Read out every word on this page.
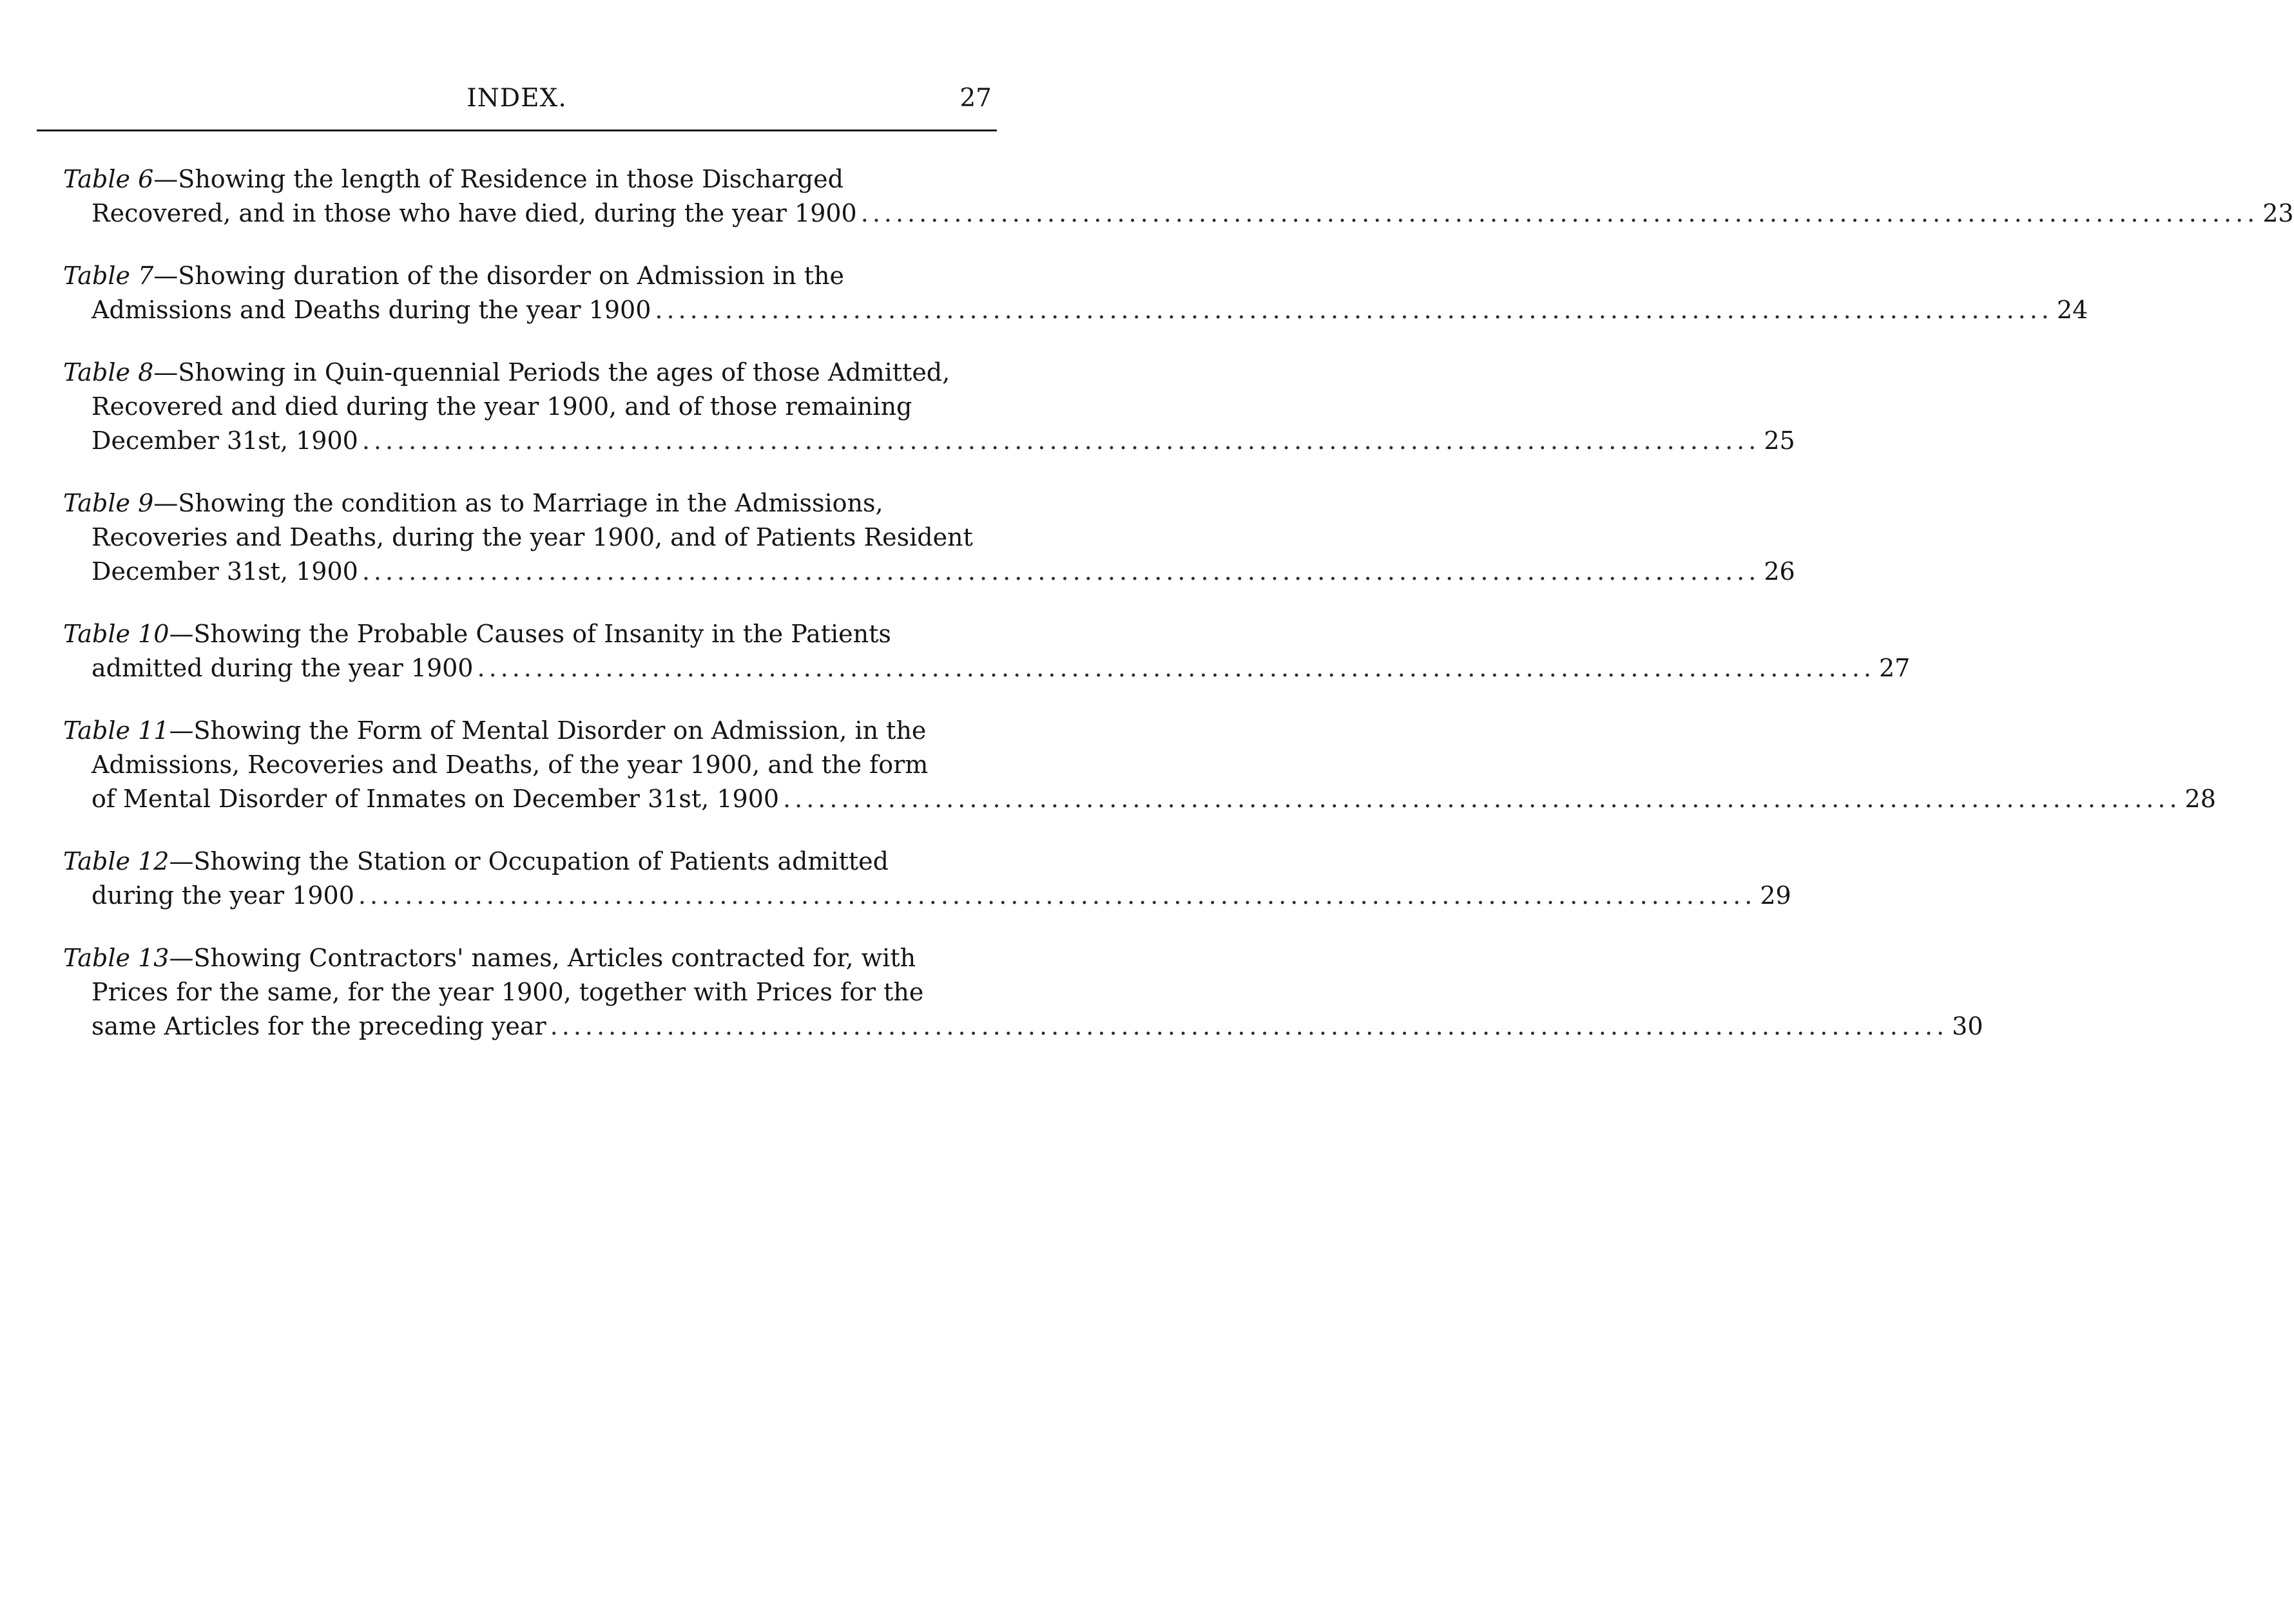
INDEX.	27
Table 6—Showing the length of Residence in those Discharged
Recovered, and in those who have died, during the year 1900 ........................................................................................................................ 23
Table 7—Showing duration of the disorder on Admission in the
Admissions and Deaths during the year 1900 ........................................................................................................................ 24
Table 8—Showing in Quin-quennial Periods the ages of those Admitted,
Recovered and died during the year 1900, and of those remaining
December 31st, 1900 ........................................................................................................................ 25
Table 9—Showing the condition as to Marriage in the Admissions,
Recoveries and Deaths, during the year 1900, and of Patients Resident
December 31st, 1900 ........................................................................................................................ 26
Table 10—Showing the Probable Causes of Insanity in the Patients
admitted during the year 1900 ........................................................................................................................ 27
Table 11—Showing the Form of Mental Disorder on Admission, in the
Admissions, Recoveries and Deaths, of the year 1900, and the form
of Mental Disorder of Inmates on December 31st, 1900 ........................................................................................................................ 28
Table 12—Showing the Station or Occupation of Patients admitted
during the year 1900 ........................................................................................................................ 29
Table 13—Showing Contractors' names, Articles contracted for, with
Prices for the same, for the year 1900, together with Prices for the
same Articles for the preceding year ........................................................................................................................ 30
